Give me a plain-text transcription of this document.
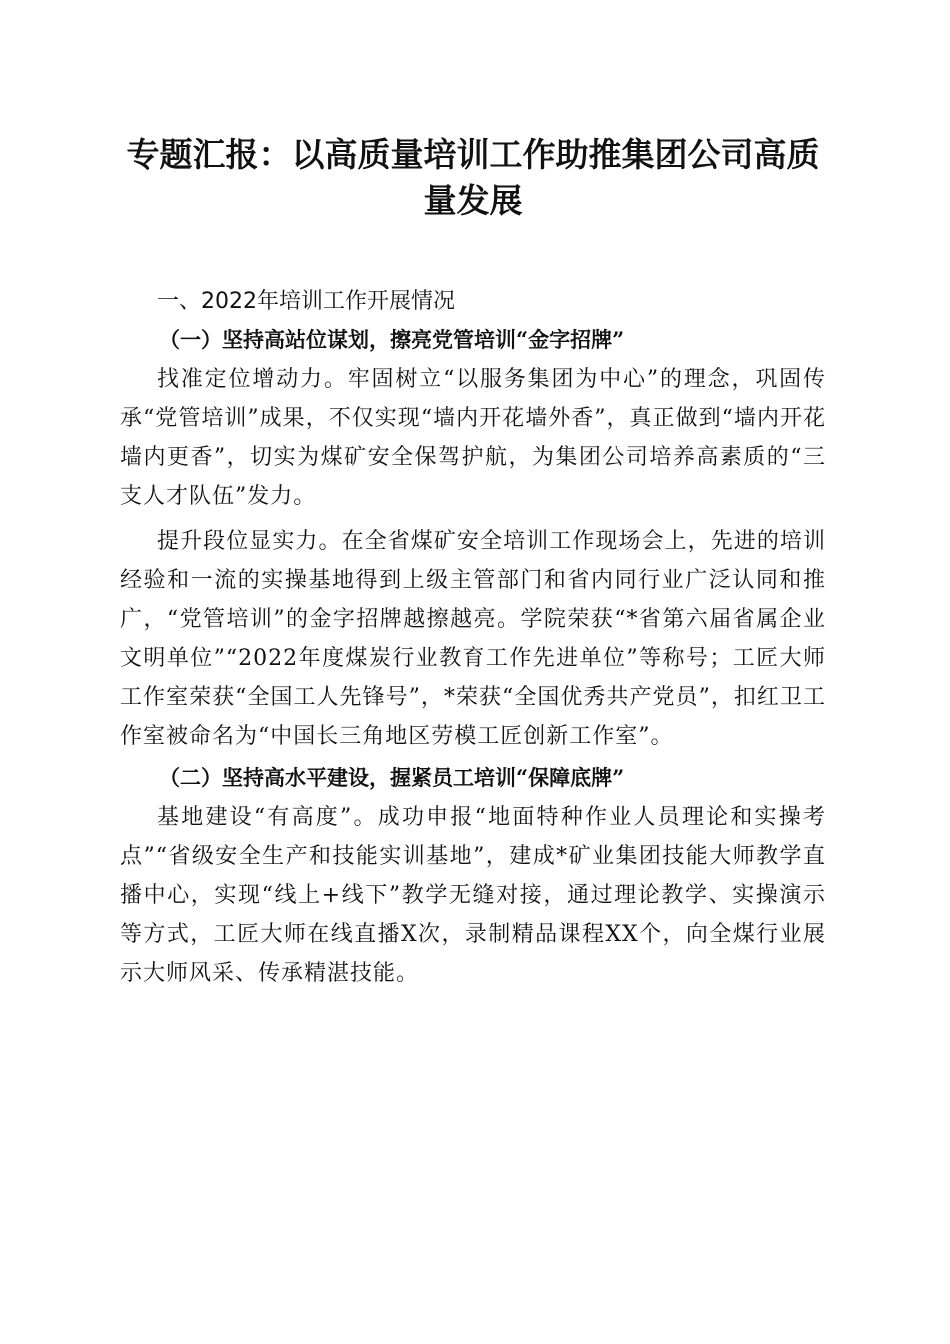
专题汇报：以高质量培训工作助推集团公司高质量发展
一、2022年培训工作开展情况
（一）坚持高站位谋划，擦亮党管培训“金字招牌”

找准定位增动力。牢固树立“以服务集团为中心”的理念，巩固传承“党管培训”成果，不仅实现“墙内开花墙外香”，真正做到“墙内开花墙内更香”，切实为煤矿安全保驾护航，为集团公司培养高素质的“三支人才队伍”发力。

提升段位显实力。在全省煤矿安全培训工作现场会上，先进的培训经验和一流的实操基地得到上级主管部门和省内同行业广泛认同和推广，“党管培训”的金字招牌越擦越亮。学院荣获“*省第六届省属企业文明单位”“2022年度煤炭行业教育工作先进单位”等称号；工匠大师工作室荣获“全国工人先锋号”，*荣获“全国优秀共产党员”，扣红卫工作室被命名为“中国长三角地区劳模工匠创新工作室”。

（二）坚持高水平建设，握紧员工培训“保障底牌”

基地建设“有高度”。成功申报“地面特种作业人员理论和实操考点”“省级安全生产和技能实训基地”，建成*矿业集团技能大师教学直播中心，实现“线上+线下”教学无缝对接，通过理论教学、实操演示等方式，工匠大师在线直播X次，录制精品课程XX个，向全煤行业展示大师风采、传承精湛技能。
